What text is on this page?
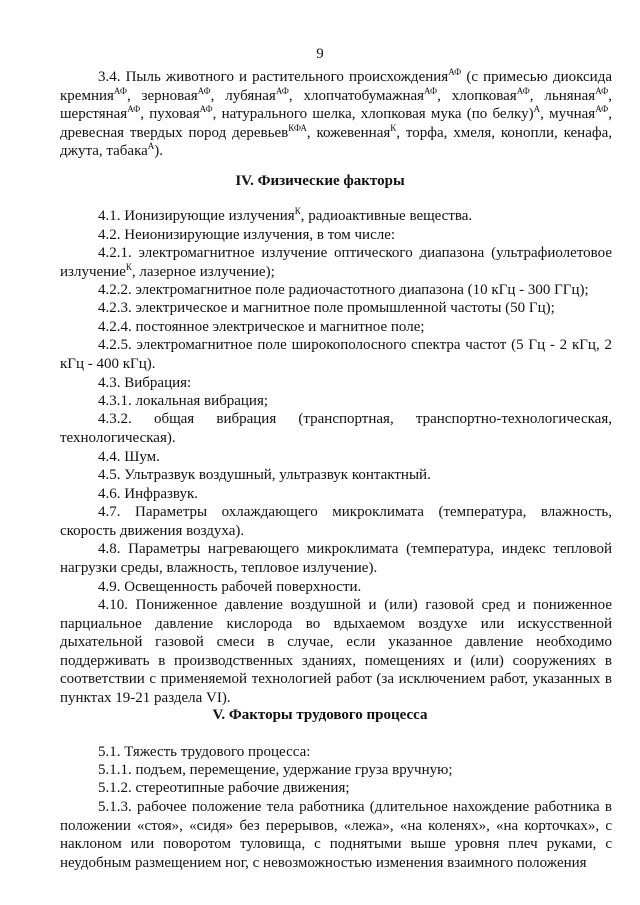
9

3.4. Пыль животного и растительного происхождения$^{АФ}$ (с примесью диоксида кремния$^{АФ}$, зерновая$^{АФ}$, лубяная$^{АФ}$, хлопчатобумажная$^{АФ}$, хлопковая$^{АФ}$, льняная$^{АФ}$, шерстяная$^{АФ}$, пуховая$^{АФ}$, натурального шелка, хлопковая мука (по белку)$^А$, мучная$^{АФ}$, древесная твердых пород деревьев$^{КФА}$, кожевенная$^К$, торфа, хмеля, конопли, кенафа, джута, табака$^А$).

IV. Физические факторы

4.1. Ионизирующие излучения$^К$, радиоактивные вещества.

4.2. Неионизирующие излучения, в том числе:

4.2.1. электромагнитное излучение оптического диапазона (ультрафиолетовое излучение$^К$, лазерное излучение);

4.2.2. электромагнитное поле радиочастотного диапазона (10 кГц - 300 ГГц);

4.2.3. электрическое и магнитное поле промышленной частоты (50 Гц);

4.2.4. постоянное электрическое и магнитное поле;

4.2.5. электромагнитное поле широкополосного спектра частот (5 Гц - 2 кГц, 2 кГц - 400 кГц).

4.3. Вибрация:

4.3.1. локальная вибрация;

4.3.2. общая вибрация (транспортная, транспортно-технологическая, технологическая).

4.4. Шум.

4.5. Ультразвук воздушный, ультразвук контактный.

4.6. Инфразвук.

4.7. Параметры охлаждающего микроклимата (температура, влажность, скорость движения воздуха).

4.8. Параметры нагревающего микроклимата (температура, индекс тепловой нагрузки среды, влажность, тепловое излучение).

4.9. Освещенность рабочей поверхности.

4.10. Пониженное давление воздушной и (или) газовой сред и пониженное парциальное давление кислорода во вдыхаемом воздухе или искусственной дыхательной газовой смеси в случае, если указанное давление необходимо поддерживать в производственных зданиях, помещениях и (или) сооружениях в соответствии с применяемой технологией работ (за исключением работ, указанных в пунктах 19-21 раздела VI).

V. Факторы трудового процесса

5.1. Тяжесть трудового процесса:

5.1.1. подъем, перемещение, удержание груза вручную;

5.1.2. стереотипные рабочие движения;

5.1.3. рабочее положение тела работника (длительное нахождение работника в положении «стоя», «сидя» без перерывов, «лежа», «на коленях», «на корточках», с наклоном или поворотом туловища, с поднятыми выше уровня плеч руками, с неудобным размещением ног, с невозможностью изменения взаимного положения
